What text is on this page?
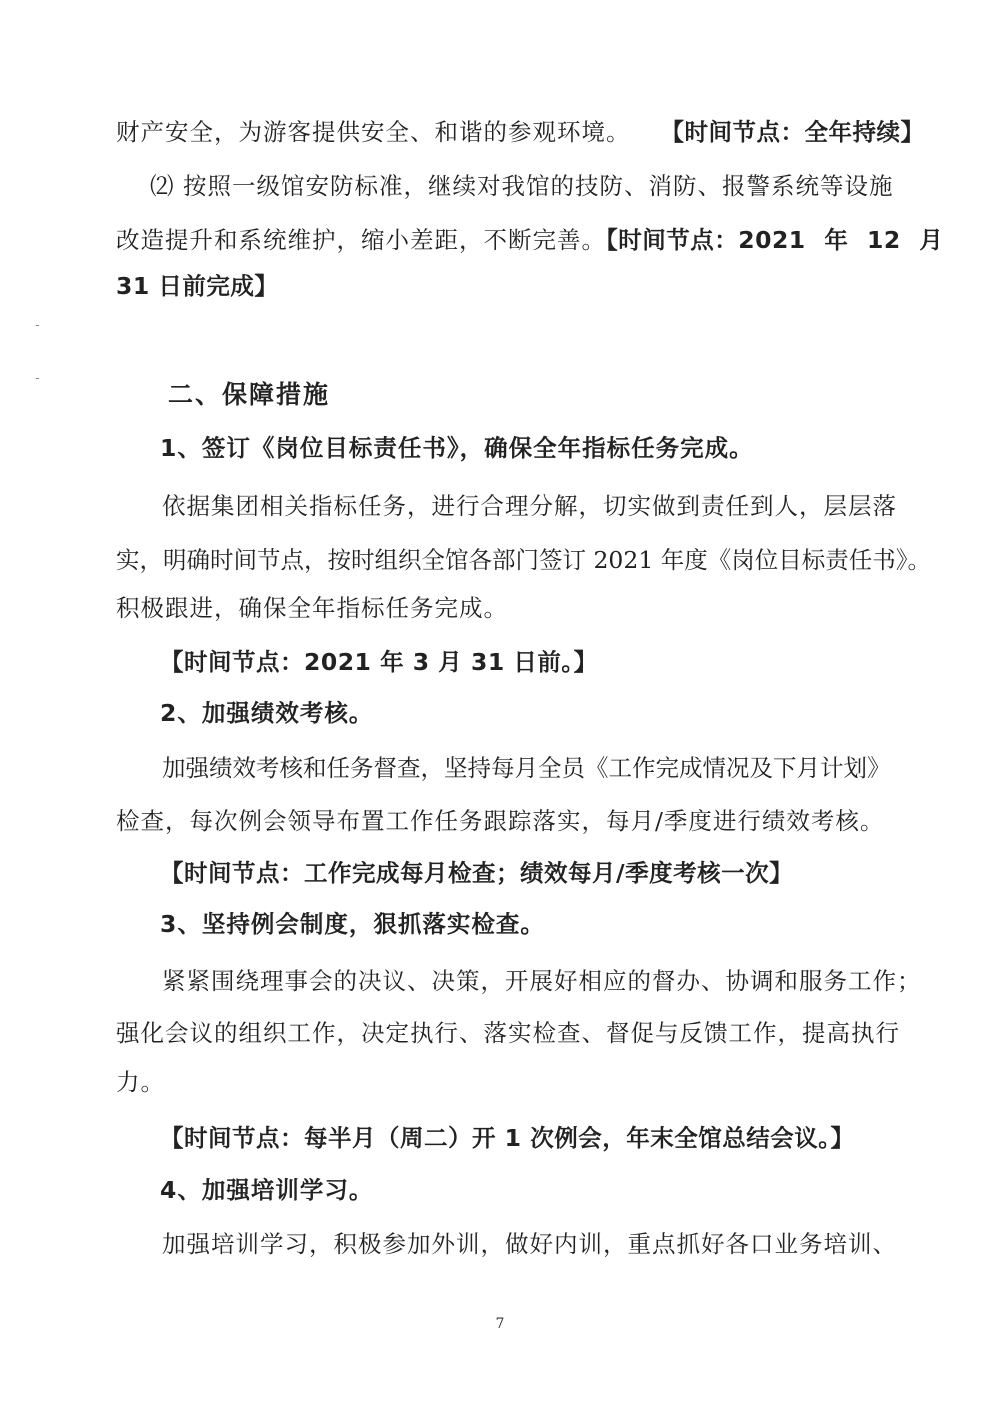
财产安全，为游客提供安全、和谐的参观环境。 【时间节点：全年持续】

⑵ 按照一级馆安防标准，继续对我馆的技防、消防、报警系统等设施

改造提升和系统维护，缩小差距，不断完善。【时间节点：2021 年 12 月

31 日前完成】

二、保障措施

1、签订《岗位目标责任书》，确保全年指标任务完成。

依据集团相关指标任务，进行合理分解，切实做到责任到人，层层落

实，明确时间节点，按时组织全馆各部门签订 2021 年度《岗位目标责任书》。

积极跟进，确保全年指标任务完成。

【时间节点：2021 年 3 月 31 日前。】

2、加强绩效考核。

加强绩效考核和任务督查，坚持每月全员《工作完成情况及下月计划》

检查，每次例会领导布置工作任务跟踪落实，每月/季度进行绩效考核。

【时间节点：工作完成每月检查；绩效每月/季度考核一次】

3、坚持例会制度，狠抓落实检查。

紧紧围绕理事会的决议、决策，开展好相应的督办、协调和服务工作；

强化会议的组织工作，决定执行、落实检查、督促与反馈工作，提高执行

力。

【时间节点：每半月（周二）开 1 次例会，年末全馆总结会议。】

4、加强培训学习。

加强培训学习，积极参加外训，做好内训，重点抓好各口业务培训、

7
